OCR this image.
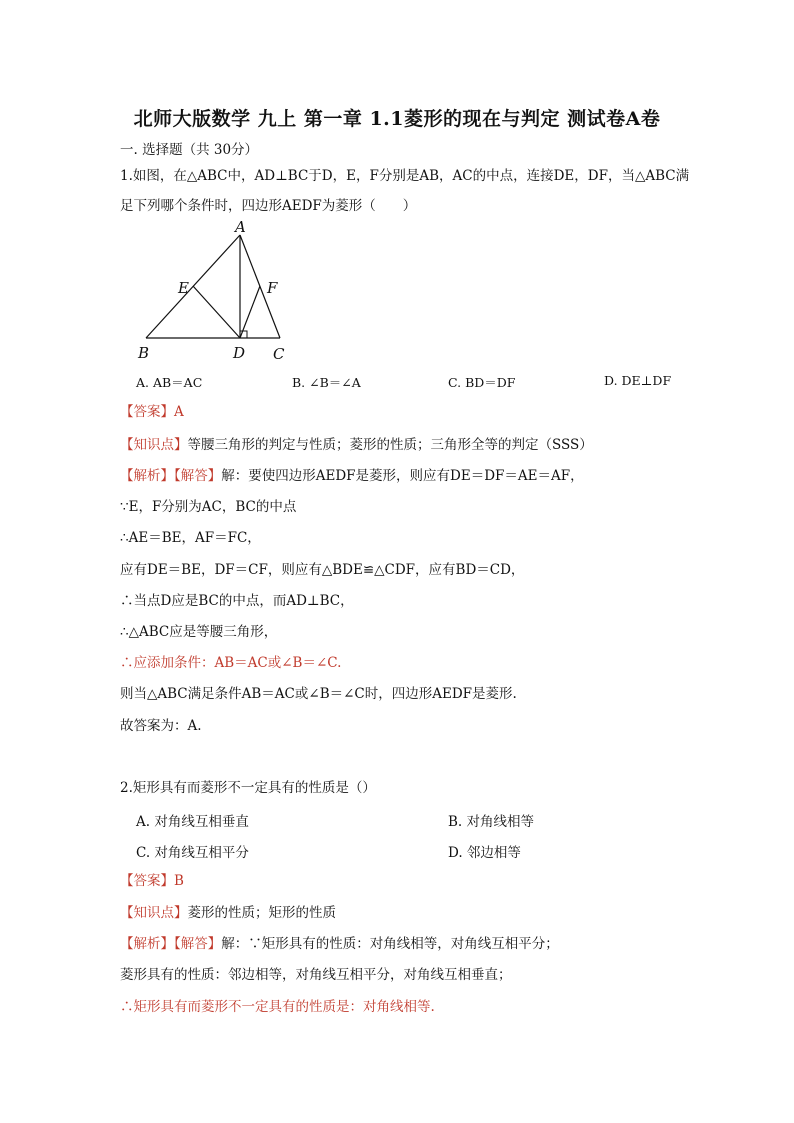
北师大版数学 九上 第一章 1.1菱形的现在与判定 测试卷A卷
一. 选择题（共 30分）
1.如图，在△ABC中，AD⊥BC于D，E，F分别是AB，AC的中点，连接DE，DF，当△ABC满
足下列哪个条件时，四边形AEDF为菱形（　　）
A
B	C
D
E	F
A. AB＝AC	B. ∠B＝∠A	C. BD＝DF	D. DE⊥DF
【答案】A
【知识点】等腰三角形的判定与性质；菱形的性质；三角形全等的判定（SSS）
【解析】【解答】解：要使四边形AEDF是菱形，则应有DE＝DF＝AE＝AF，
∵E，F分别为AC，BC的中点
∴AE＝BE，AF＝FC，
应有DE＝BE，DF＝CF，则应有△BDE≌△CDF，应有BD＝CD，
∴当点D应是BC的中点，而AD⊥BC，
∴△ABC应是等腰三角形，
∴应添加条件：AB＝AC或∠B＝∠C.
则当△ABC满足条件AB＝AC或∠B＝∠C时，四边形AEDF是菱形.
故答案为：A.
2.矩形具有而菱形不一定具有的性质是（）
A. 对角线互相垂直	B. 对角线相等
C. 对角线互相平分	D. 邻边相等
【答案】B
【知识点】菱形的性质；矩形的性质
【解析】【解答】解：∵矩形具有的性质：对角线相等，对角线互相平分；
菱形具有的性质：邻边相等，对角线互相平分，对角线互相垂直；
∴矩形具有而菱形不一定具有的性质是：对角线相等.
